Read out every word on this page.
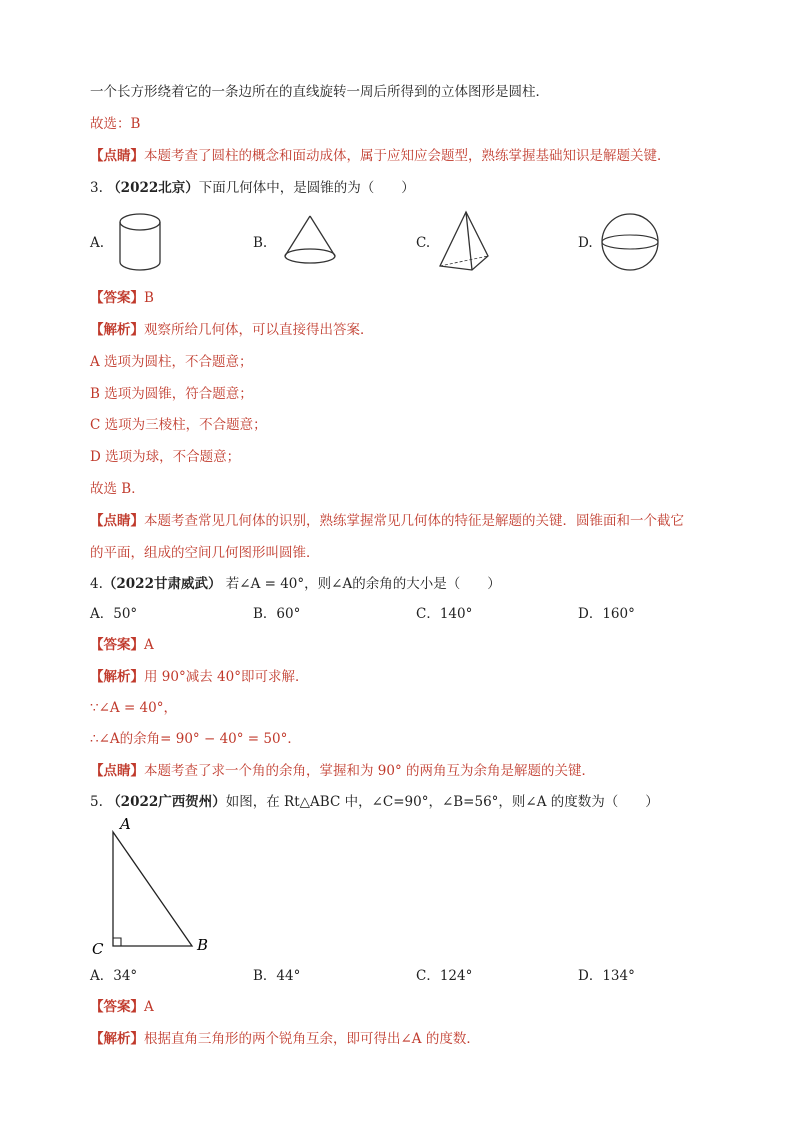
一个长方形绕着它的一条边所在的直线旋转一周后所得到的立体图形是圆柱．
故选：B
【点睛】本题考查了圆柱的概念和面动成体，属于应知应会题型，熟练掌握基础知识是解题关键．
3. （2022北京）下面几何体中，是圆锥的为（　　）
A.	B.	C.	D.
【答案】B
【解析】观察所给几何体，可以直接得出答案．
A 选项为圆柱，不合题意；
B 选项为圆锥，符合题意；
C 选项为三棱柱，不合题意；
D 选项为球，不合题意；
故选 B．
【点睛】本题考查常见几何体的识别，熟练掌握常见几何体的特征是解题的关键．圆锥面和一个截它
的平面，组成的空间几何图形叫圆锥．
4.（2022甘肃威武） 若∠A = 40°，则∠A的余角的大小是（　　）
A．50°	B．60°	C．140°	D．160°
【答案】A
【解析】用 90°减去 40°即可求解．
∵∠A = 40°，
∴∠A的余角= 90° − 40° = 50°．
【点睛】本题考查了求一个角的余角，掌握和为 90° 的两角互为余角是解题的关键．
5. （2022广西贺州）如图，在 Rt△ABC 中，∠C=90°，∠B=56°，则∠A 的度数为（　　）
A
C	B
A．34°	B．44°	C．124°	D．134°
【答案】A
【解析】根据直角三角形的两个锐角互余，即可得出∠A 的度数．
